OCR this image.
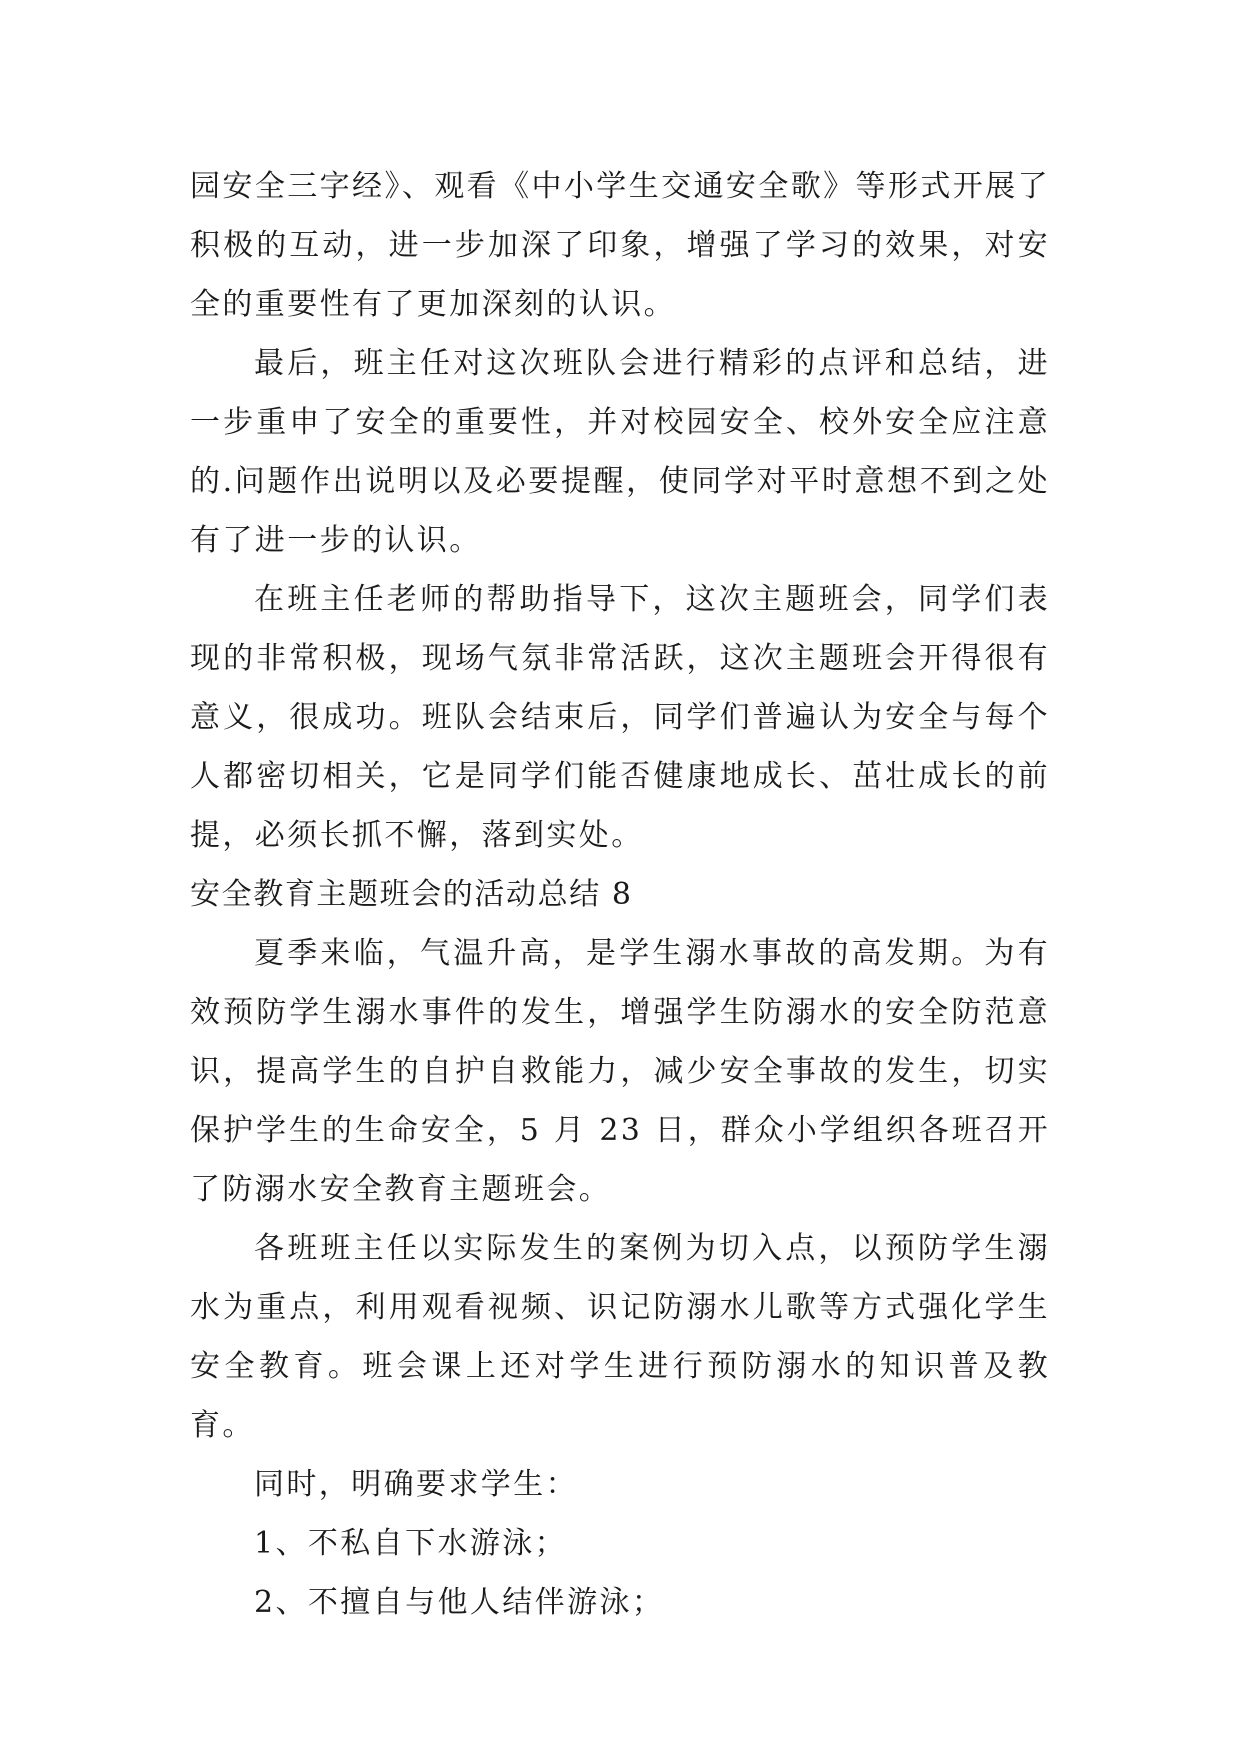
园安全三字经》、观看《中小学生交通安全歌》等形式开展了积极的互动，进一步加深了印象，增强了学习的效果，对安全的重要性有了更加深刻的认识。

最后，班主任对这次班队会进行精彩的点评和总结，进一步重申了安全的重要性，并对校园安全、校外安全应注意的.问题作出说明以及必要提醒，使同学对平时意想不到之处有了进一步的认识。

在班主任老师的帮助指导下，这次主题班会，同学们表现的非常积极，现场气氛非常活跃，这次主题班会开得很有意义，很成功。班队会结束后，同学们普遍认为安全与每个人都密切相关，它是同学们能否健康地成长、茁壮成长的前提，必须长抓不懈，落到实处。

安全教育主题班会的活动总结 8

夏季来临，气温升高，是学生溺水事故的高发期。为有效预防学生溺水事件的发生，增强学生防溺水的安全防范意识，提高学生的自护自救能力，减少安全事故的发生，切实保护学生的生命安全，5 月 23 日，群众小学组织各班召开了防溺水安全教育主题班会。

各班班主任以实际发生的案例为切入点，以预防学生溺水为重点，利用观看视频、识记防溺水儿歌等方式强化学生安全教育。班会课上还对学生进行预防溺水的知识普及教育。

同时，明确要求学生：

1、不私自下水游泳；

2、不擅自与他人结伴游泳；
